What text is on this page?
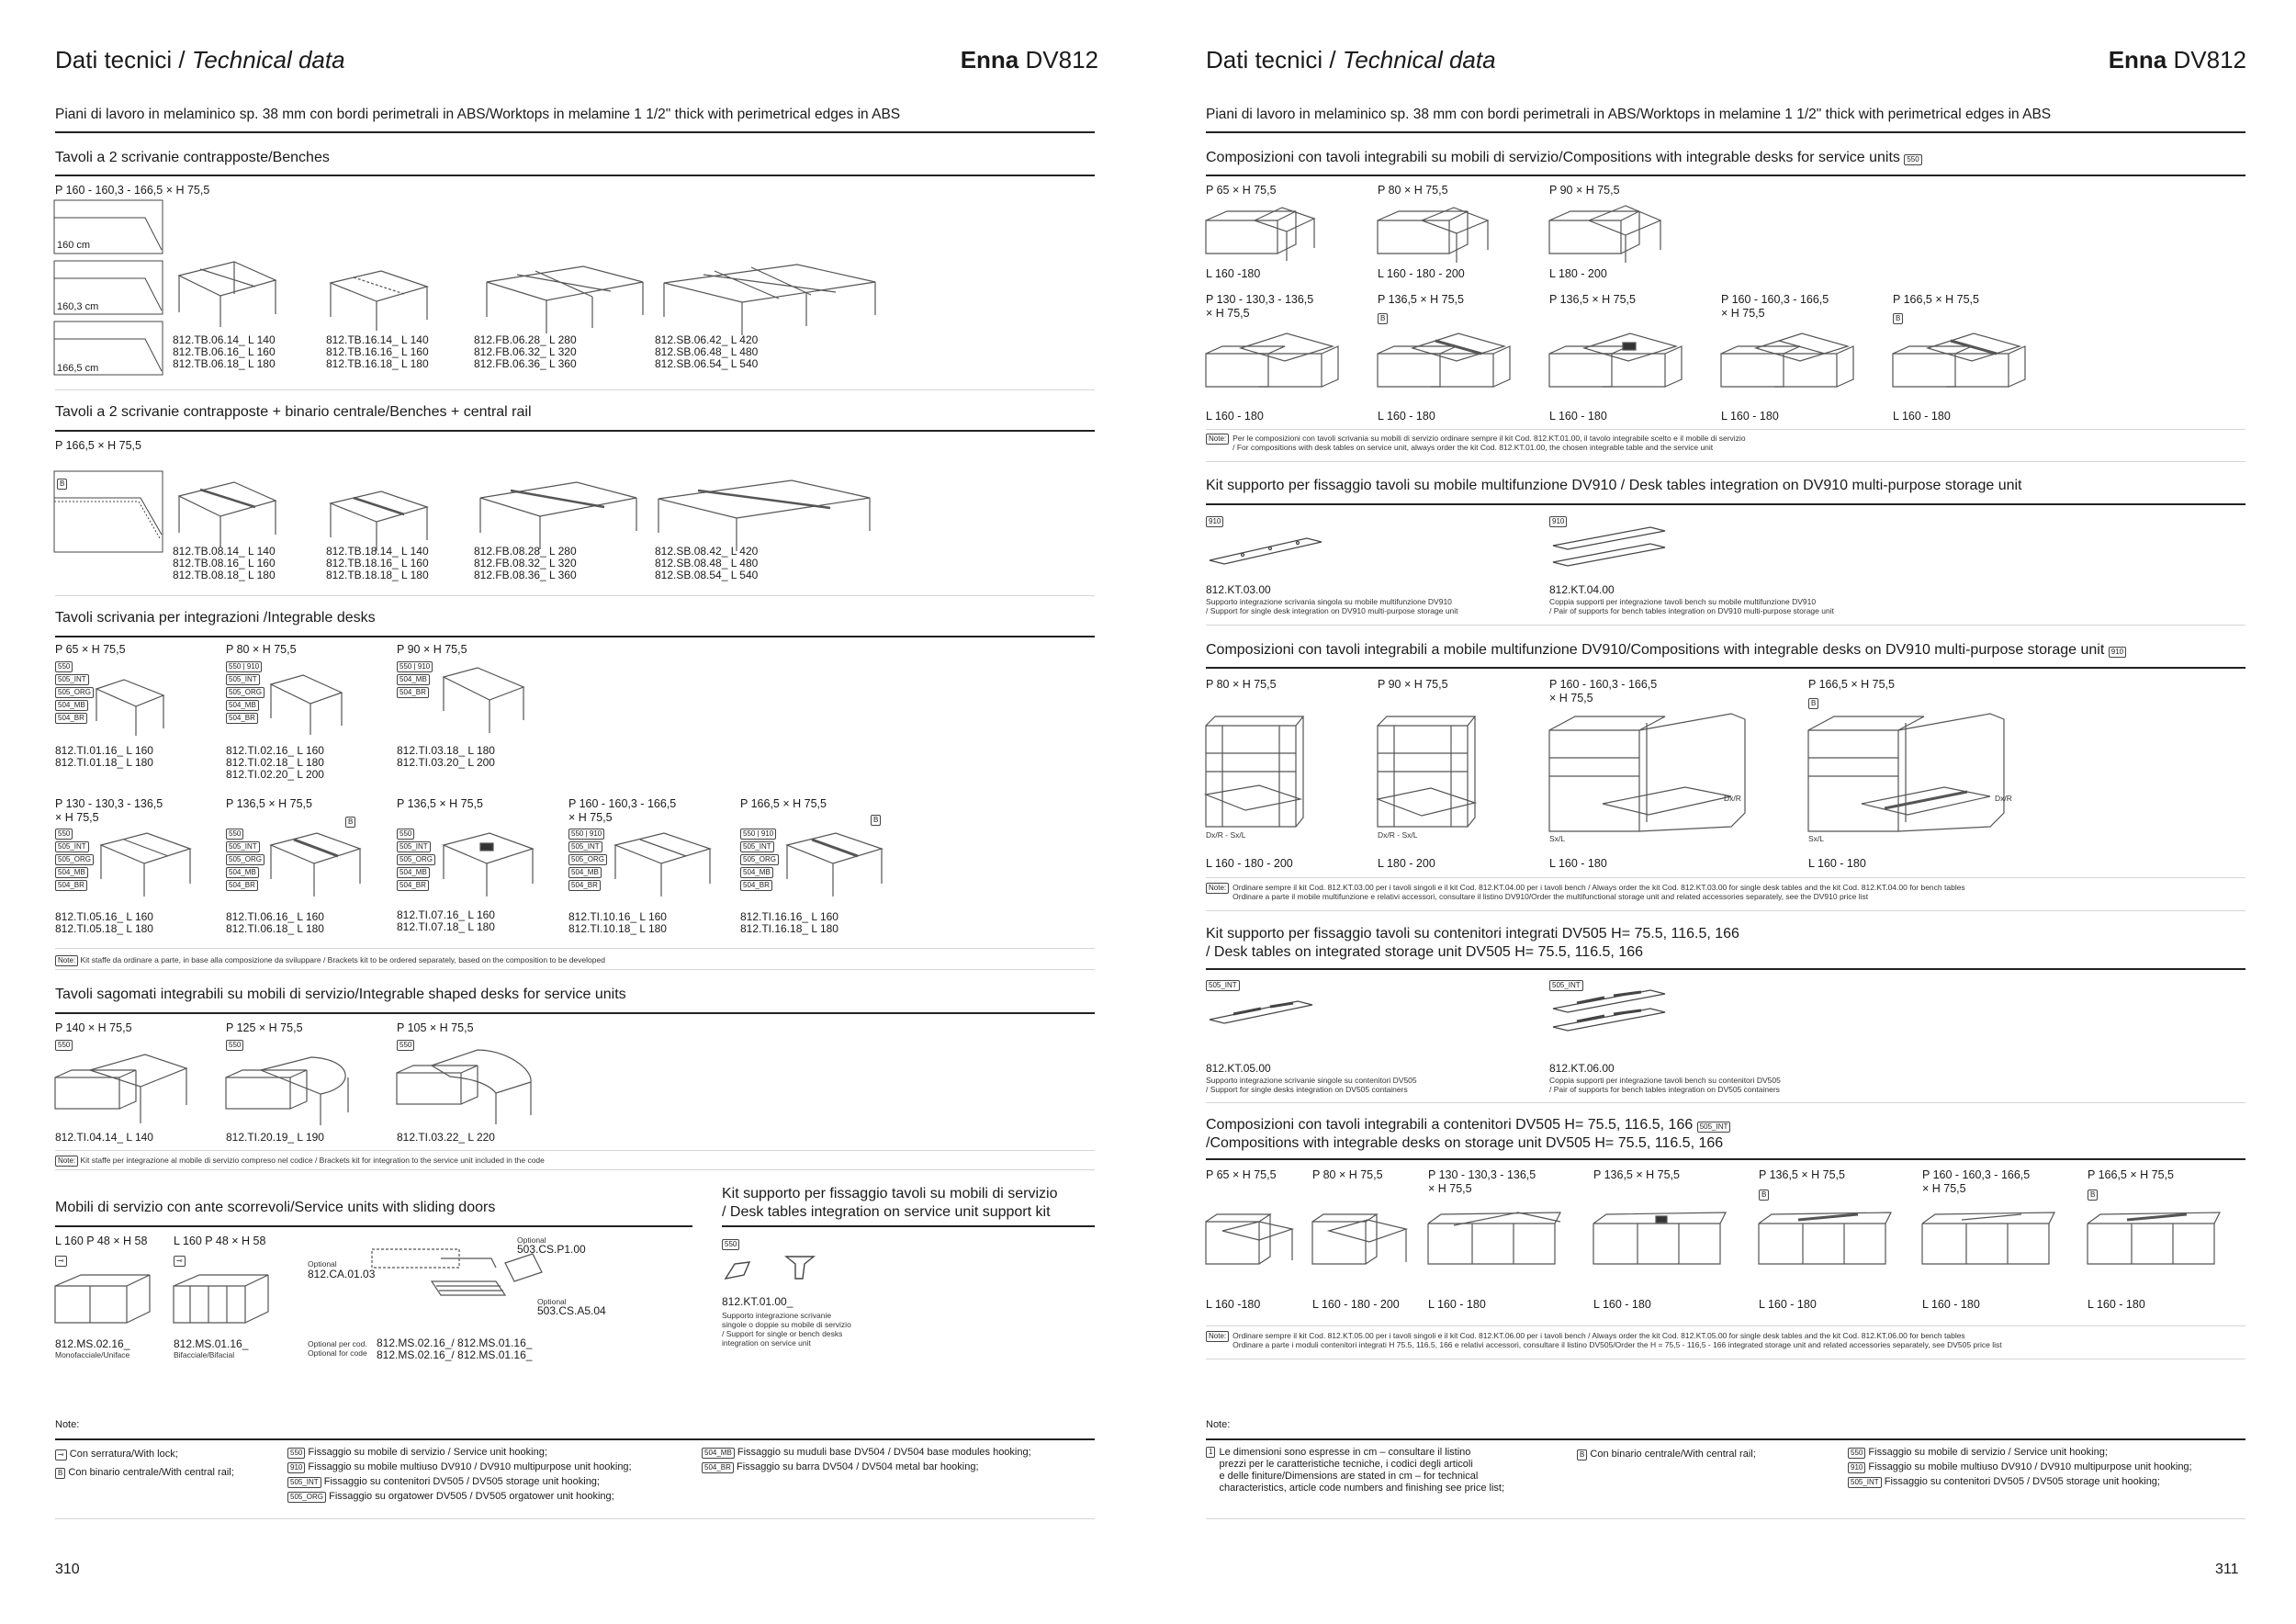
Dati tecnici / Technical data	Enna DV812
Piani di lavoro in melaminico sp. 38 mm con bordi perimetrali in ABS/Worktops in melamine 1 1/2" thick with perimetrical edges in ABS
Tavoli a 2 scrivanie contrapposte/Benches
P 160 - 160,3 - 166,5 × H 75,5
160 cm
160,3 cm
166,5 cm
812.TB.06.14_ L 140
812.TB.06.16_ L 160
812.TB.06.18_ L 180
812.TB.16.14_ L 140
812.TB.16.16_ L 160
812.TB.16.18_ L 180
812.FB.06.28_ L 280
812.FB.06.32_ L 320
812.FB.06.36_ L 360
812.SB.06.42_ L 420
812.SB.06.48_ L 480
812.SB.06.54_ L 540
Tavoli a 2 scrivanie contrapposte + binario centrale/Benches + central rail
P 166,5 × H 75,5
B
812.TB.08.14_ L 140
812.TB.08.16_ L 160
812.TB.08.18_ L 180
812.TB.18.14_ L 140
812.TB.18.16_ L 160
812.TB.18.18_ L 180
812.FB.08.28_ L 280
812.FB.08.32_ L 320
812.FB.08.36_ L 360
812.SB.08.42_ L 420
812.SB.08.48_ L 480
812.SB.08.54_ L 540
Tavoli scrivania per integrazioni /Integrable desks
P 65 × H 75,5	P 80 × H 75,5	P 90 × H 75,5
550
505_INT
505_ORG
504_MB
504_BR
550 | 910
505_INT
505_ORG
504_MB
504_BR
550 | 910
504_MB
504_BR
812.TI.01.16_ L 160
812.TI.01.18_ L 180
812.TI.02.16_ L 160
812.TI.02.18_ L 180
812.TI.02.20_ L 200
812.TI.03.18_ L 180
812.TI.03.20_ L 200
P 130 - 130,3 - 136,5
× H 75,5
P 136,5 × H 75,5	P 136,5 × H 75,5	P 160 - 160,3 - 166,5
× H 75,5
P 166,5 × H 75,5
B	B
550
505_INT
505_ORG
504_MB
504_BR
550
505_INT
505_ORG
504_MB
504_BR
550
505_INT
505_ORG
504_MB
504_BR
550 | 910
505_INT
505_ORG
504_MB
504_BR
550 | 910
505_INT
505_ORG
504_MB
504_BR
812.TI.05.16_ L 160
812.TI.05.18_ L 180
812.TI.06.16_ L 160
812.TI.06.18_ L 180
812.TI.07.16_ L 160
812.TI.07.18_ L 180
812.TI.10.16_ L 160
812.TI.10.18_ L 180
812.TI.16.16_ L 160
812.TI.16.18_ L 180
Note: Kit staffe da ordinare a parte, in base alla composizione da sviluppare / Brackets kit to be ordered separately, based on the composition to be developed
Tavoli sagomati integrabili su mobili di servizio/Integrable shaped desks for service units
P 140 × H 75,5	P 125 × H 75,5	P 105 × H 75,5
550	550	550
812.TI.04.14_ L 140	812.TI.20.19_ L 190	812.TI.03.22_ L 220
Note: Kit staffe per integrazione al mobile di servizio compreso nel codice / Brackets kit for integration to the service unit included in the code
Mobili di servizio con ante scorrevoli/Service units with sliding doors
L 160 P 48 × H 58 L 160 P 48 × H 58
⊸	⊸
812.MS.02.16_
Monofacciale/Uniface
812.MS.01.16_
Bifacciale/Bifacial
Optional
812.CA.01.03
Optional
503.CS.P1.00
Optional
503.CS.A5.04
Optional per cod.
Optional for code
812.MS.02.16_/ 812.MS.01.16_
812.MS.02.16_/ 812.MS.01.16_
Kit supporto per fissaggio tavoli su mobili di servizio
/ Desk tables integration on service unit support kit
550
812.KT.01.00_
Supporto integrazione scrivanie
singole o doppie su mobile di servizio
/ Support for single or bench desks
integration on service unit
Note:
⊸ Con serratura/With lock;
B Con binario centrale/With central rail;
550 Fissaggio su mobile di servizio / Service unit hooking;
910 Fissaggio su mobile multiuso DV910 / DV910 multipurpose unit hooking;
505_INT Fissaggio su contenitori DV505 / DV505 storage unit hooking;
505_ORG Fissaggio su orgatower DV505 / DV505 orgatower unit hooking;
504_MB Fissaggio su muduli base DV504 / DV504 base modules hooking;
504_BR Fissaggio su barra DV504 / DV504 metal bar hooking;
310
Dati tecnici / Technical data	Enna DV812
Piani di lavoro in melaminico sp. 38 mm con bordi perimetrali in ABS/Worktops in melamine 1 1/2" thick with perimetrical edges in ABS
Composizioni con tavoli integrabili su mobili di servizio/Compositions with integrable desks for service units 550
P 65 × H 75,5	P 80 × H 75,5	P 90 × H 75,5
L 160 -180	L 160 - 180 - 200	L 180 - 200
P 130 - 130,3 - 136,5
× H 75,5
P 136,5 × H 75,5	P 136,5 × H 75,5	P 160 - 160,3 - 166,5
× H 75,5
P 166,5 × H 75,5
B	B
L 160 - 180	L 160 - 180	L 160 - 180	L 160 - 180	L 160 - 180
Note: Per le composizioni con tavoli scrivania su mobili di servizio ordinare sempre il kit Cod. 812.KT.01.00, il tavolo integrabile scelto e il mobile di servizio
/ For compositions with desk tables on service unit, always order the kit Cod. 812.KT.01.00, the chosen integrable table and the service unit
Kit supporto per fissaggio tavoli su mobile multifunzione DV910 / Desk tables integration on DV910 multi-purpose storage unit
910	910
812.KT.03.00
Supporto integrazione scrivania singola su mobile multifunzione DV910
/ Support for single desk integration on DV910 multi-purpose storage unit
812.KT.04.00
Coppia supporti per integrazione tavoli bench su mobile multifunzione DV910
/ Pair of supports for bench tables integration on DV910 multi-purpose storage unit
Composizioni con tavoli integrabili a mobile multifunzione DV910/Compositions with integrable desks on DV910 multi-purpose storage unit 910
P 80 × H 75,5	P 90 × H 75,5	P 160 - 160,3 - 166,5
× H 75,5
P 166,5 × H 75,5
B
Dx/R - Sx/L	Dx/R - Sx/L	Sx/L
Dx/R
Sx/L
Dx/R
L 160 - 180 - 200	L 180 - 200	L 160 - 180	L 160 - 180
Note: Ordinare sempre il kit Cod. 812.KT.03.00 per i tavoli singoli e il kit Cod. 812.KT.04.00 per i tavoli bench / Always order the kit Cod. 812.KT.03.00 for single desk tables and the kit Cod. 812.KT.04.00 for bench tables
Ordinare a parte il mobile multifunzione e relativi accessori, consultare il listino DV910/Order the multifunctional storage unit and related accessories separately, see the DV910 price list
Kit supporto per fissaggio tavoli su contenitori integrati DV505 H= 75.5, 116.5, 166
/ Desk tables on integrated storage unit DV505 H= 75.5, 116.5, 166
505_INT	505_INT
812.KT.05.00
Supporto integrazione scrivanie singole su contenitori DV505
/ Support for single desks integration on DV505 containers
812.KT.06.00
Coppia supporti per integrazione tavoli bench su contenitori DV505
/ Pair of supports for bench tables integration on DV505 containers
Composizioni con tavoli integrabili a contenitori DV505 H= 75.5, 116.5, 166 505_INT
/Compositions with integrable desks on storage unit DV505 H= 75.5, 116.5, 166
P 65 × H 75,5	P 80 × H 75,5	P 130 - 130,3 - 136,5
× H 75,5
P 136,5 × H 75,5	P 136,5 × H 75,5	P 160 - 160,3 - 166,5
× H 75,5
P 166,5 × H 75,5
B	B
L 160 -180	L 160 - 180 - 200	L 160 - 180	L 160 - 180	L 160 - 180	L 160 - 180	L 160 - 180
Note: Ordinare sempre il kit Cod. 812.KT.05.00 per i tavoli singoli e il kit Cod. 812.KT.06.00 per i tavoli bench / Always order the kit Cod. 812.KT.05.00 for single desk tables and the kit Cod. 812.KT.06.00 for bench tables
Ordinare a parte i moduli contenitori integrati H 75.5, 116.5, 166 e relativi accessori, consultare il listino DV505/Order the H = 75,5 - 116,5 - 166 integrated storage unit and related accessories separately, see DV505 price list
Note:
1 Le dimensioni sono espresse in cm – consultare il listino
prezzi per le caratteristiche tecniche, i codici degli articoli
e delle finiture/Dimensions are stated in cm – for technical
characteristics, article code numbers and finishing see price list;
B Con binario centrale/With central rail;	550 Fissaggio su mobile di servizio / Service unit hooking;
910 Fissaggio su mobile multiuso DV910 / DV910 multipurpose unit hooking;
505_INT Fissaggio su contenitori DV505 / DV505 storage unit hooking;
311
